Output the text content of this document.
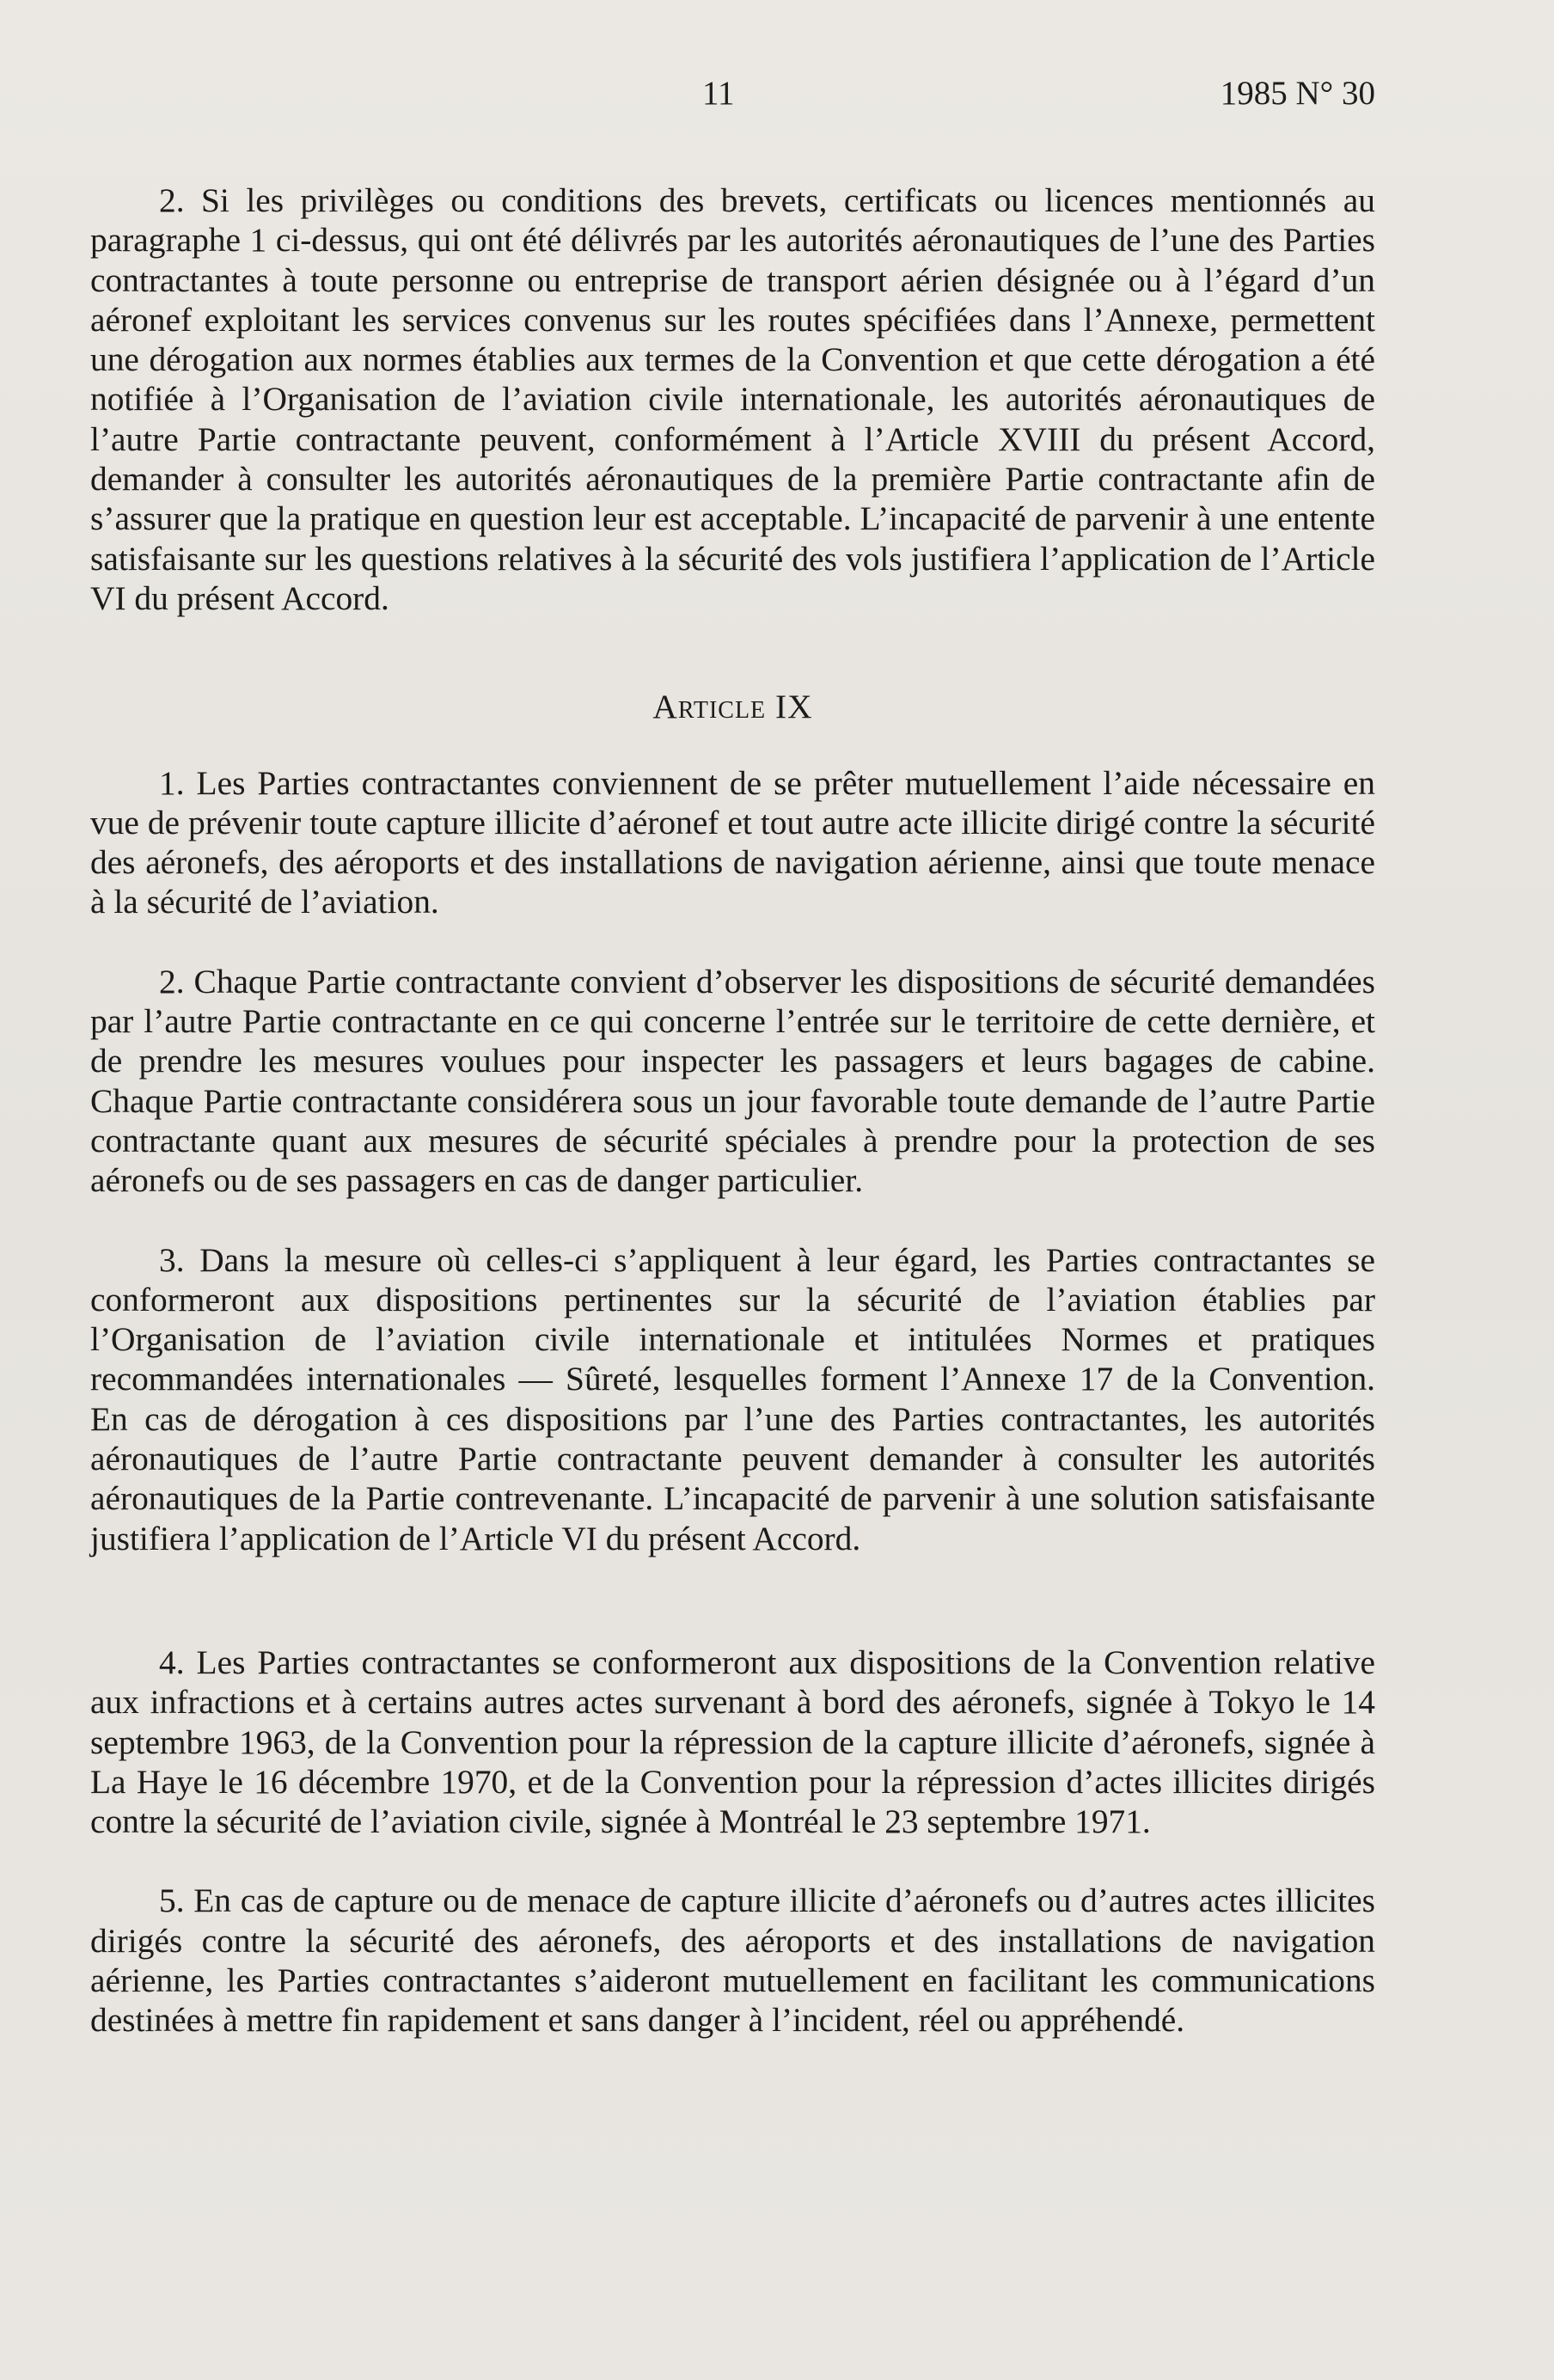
11	1985 N° 30

2. Si les privilèges ou conditions des brevets, certificats ou licences mentionnés au paragraphe 1 ci-dessus, qui ont été délivrés par les autorités aéronautiques de l’une des Parties contractantes à toute personne ou entreprise de transport aérien désignée ou à l’égard d’un aéronef exploitant les services convenus sur les routes spécifiées dans l’Annexe, permettent une dérogation aux normes établies aux termes de la Convention et que cette dérogation a été notifiée à l’Organisation de l’aviation civile internationale, les autorités aéronautiques de l’autre Partie contractante peuvent, conformément à l’Article XVIII du présent Accord, demander à consulter les autorités aéronautiques de la première Partie contractante afin de s’assurer que la pratique en question leur est acceptable. L’incapacité de parvenir à une entente satisfaisante sur les questions relatives à la sécurité des vols justifiera l’application de l’Article VI du présent Accord.

Article IX

1. Les Parties contractantes conviennent de se prêter mutuellement l’aide nécessaire en vue de prévenir toute capture illicite d’aéronef et tout autre acte illicite dirigé contre la sécurité des aéronefs, des aéroports et des installations de navigation aérienne, ainsi que toute menace à la sécurité de l’aviation.

2. Chaque Partie contractante convient d’observer les dispositions de sécurité demandées par l’autre Partie contractante en ce qui concerne l’entrée sur le territoire de cette dernière, et de prendre les mesures voulues pour inspecter les passagers et leurs bagages de cabine. Chaque Partie contractante considérera sous un jour favorable toute demande de l’autre Partie contractante quant aux mesures de sécurité spéciales à prendre pour la protection de ses aéronefs ou de ses passagers en cas de danger particulier.

3. Dans la mesure où celles-ci s’appliquent à leur égard, les Parties contractantes se conformeront aux dispositions pertinentes sur la sécurité de l’aviation établies par l’Organisation de l’aviation civile internationale et intitulées Normes et pratiques recommandées internationales — Sûreté, lesquelles forment l’Annexe 17 de la Convention. En cas de dérogation à ces dispositions par l’une des Parties contractantes, les autorités aéronautiques de l’autre Partie contractante peuvent demander à consulter les autorités aéronautiques de la Partie contrevenante. L’incapacité de parvenir à une solution satisfaisante justifiera l’application de l’Article VI du présent Accord.

4. Les Parties contractantes se conformeront aux dispositions de la Convention relative aux infractions et à certains autres actes survenant à bord des aéronefs, signée à Tokyo le 14 septembre 1963, de la Convention pour la répression de la capture illicite d’aéronefs, signée à La Haye le 16 décembre 1970, et de la Convention pour la répression d’actes illicites dirigés contre la sécurité de l’aviation civile, signée à Montréal le 23 septembre 1971.

5. En cas de capture ou de menace de capture illicite d’aéronefs ou d’autres actes illicites dirigés contre la sécurité des aéronefs, des aéroports et des installations de navigation aérienne, les Parties contractantes s’aideront mutuellement en facilitant les communications destinées à mettre fin rapidement et sans danger à l’incident, réel ou appréhendé.
